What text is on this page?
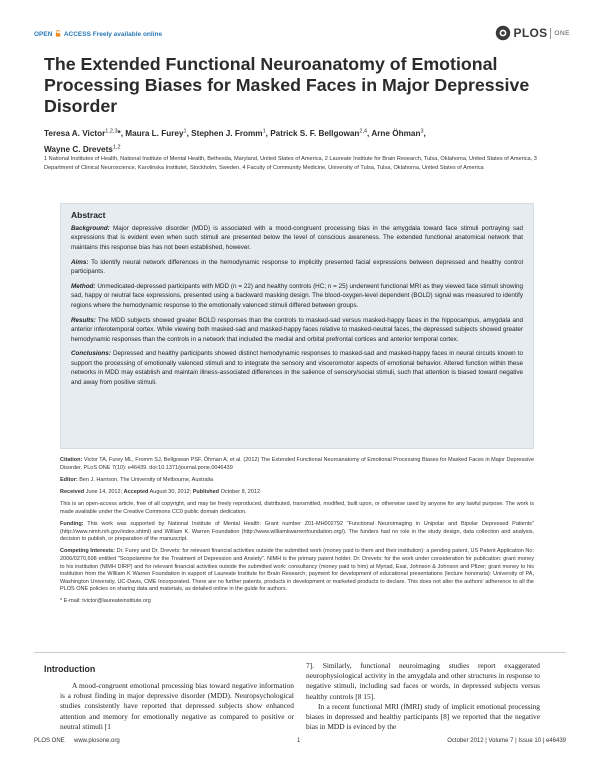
OPEN ACCESS Freely available online	PLOS ONE
The Extended Functional Neuroanatomy of Emotional Processing Biases for Masked Faces in Major Depressive Disorder
Teresa A. Victor$^{1,2,3}$*, Maura L. Furey$^1$, Stephen J. Fromm$^1$, Patrick S. F. Bellgowan$^{2,4}$, Arne Öhman$^3$,
Wayne C. Drevets$^{1,2}$
1 National Institutes of Health, National Institute of Mental Health, Bethesda, Maryland, United States of America, 2 Laureate Institute for Brain Research, Tulsa, Oklahoma, United States of America, 3 Department of Clinical Neuroscience, Karolinska Institutet, Stockholm, Sweden, 4 Faculty of Community Medicine, University of Tulsa, Tulsa, Oklahoma, United States of America
Abstract

Background: Major depressive disorder (MDD) is associated with a mood-congruent processing bias in the amygdala toward face stimuli portraying sad expressions that is evident even when such stimuli are presented below the level of conscious awareness. The extended functional anatomical network that maintains this response bias has not been established, however.

Aims: To identify neural network differences in the hemodynamic response to implicitly presented facial expressions between depressed and healthy control participants.

Method: Unmedicated-depressed participants with MDD (n = 22) and healthy controls (HC; n = 25) underwent functional MRI as they viewed face stimuli showing sad, happy or neutral face expressions, presented using a backward masking design. The blood-oxygen-level dependent (BOLD) signal was measured to identify regions where the hemodynamic response to the emotionally valenced stimuli differed between groups.

Results: The MDD subjects showed greater BOLD responses than the controls to masked-sad versus masked-happy faces in the hippocampus, amygdala and anterior inferotemporal cortex. While viewing both masked-sad and masked-happy faces relative to masked-neutral faces, the depressed subjects showed greater hemodynamic responses than the controls in a network that included the medial and orbital prefrontal cortices and anterior temporal cortex.

Conclusions: Depressed and healthy participants showed distinct hemodynamic responses to masked-sad and masked-happy faces in neural circuits known to support the processing of emotionally valenced stimuli and to integrate the sensory and visceromotor aspects of emotional behavior. Altered function within these networks in MDD may establish and maintain illness-associated differences in the salience of sensory/social stimuli, such that attention is biased toward negative and away from positive stimuli.

Citation: Victor TA, Furey ML, Fromm SJ, Bellgowan PSF, Öhman A, et al. (2012) The Extended Functional Neuroanatomy of Emotional Processing Biases for Masked Faces in Major Depressive Disorder. PLoS ONE 7(10): e46439. doi:10.1371/journal.pone.0046439

Editor: Ben J. Harrison, The University of Melbourne, Australia

Received June 14, 2012; Accepted August 30, 2012; Published October 8, 2012

This is an open-access article, free of all copyright, and may be freely reproduced, distributed, transmitted, modified, built upon, or otherwise used by anyone for any lawful purpose. The work is made available under the Creative Commons CC0 public domain dedication.

Funding: This work was supported by National Institute of Mental Health: Grant number Z01-MH002792 "Functional Neuroimaging in Unipolar and Bipolar Depressed Patients" (http://www.nimh.nih.gov/index.shtml) and William K. Warren Foundation (http://www.williamkwarrenfoundation.org/). The funders had no role in the study design, data collection and analysis, decision to publish, or preparation of the manuscript.

Competing Interests: Dr. Furey and Dr. Drevets: for relevant financial activities outside the submitted work (money paid to them and their institution): a pending patent, US Patent Application No: 2006/0270,698 entitled "Scopolamine for the Treatment of Depression and Anxiety". NIMH is the primary patent holder. Dr. Drevets: for the work under consideration for publication: grant money to his institution (NIMH DIRP) and for relevant financial activities outside the submitted work: consultancy (money paid to him) at Myriad, Esai, Johnson & Johnson and Pfizer; grant money to his institution from the William K Warren Foundation in support of Laureate Institute for Brain Research; payment for development of educational presentations (lecture honoraria): University of PA, Washington University, UC-Davis, CME Incorporated. There are no further patents, products in development or marketed products to declare. This does not alter the authors' adherence to all the PLOS ONE policies on sharing data and materials, as detailed online in the guide for authors.

* E-mail: tvictor@laureateinstitute.org

Introduction

A mood-congruent emotional processing bias toward negative information is a robust finding in major depressive disorder (MDD). Neuropsychological studies consistently have reported that depressed subjects show enhanced attention and memory for emotionally negative as compared to positive or neutral stimuli [1

7]. Similarly, functional neuroimaging studies report exaggerated neurophysiological activity in the amygdala and other structures in response to negative stimuli, including sad faces or words, in depressed subjects versus healthy controls [8 15].

In a recent functional MRI (fMRI) study of implicit emotional processing biases in depressed and healthy participants [8] we reported that the negative bias in MDD is evinced by the

PLOS ONE www.plosone.org	1	October 2012 | Volume 7 | Issue 10 | e46439
